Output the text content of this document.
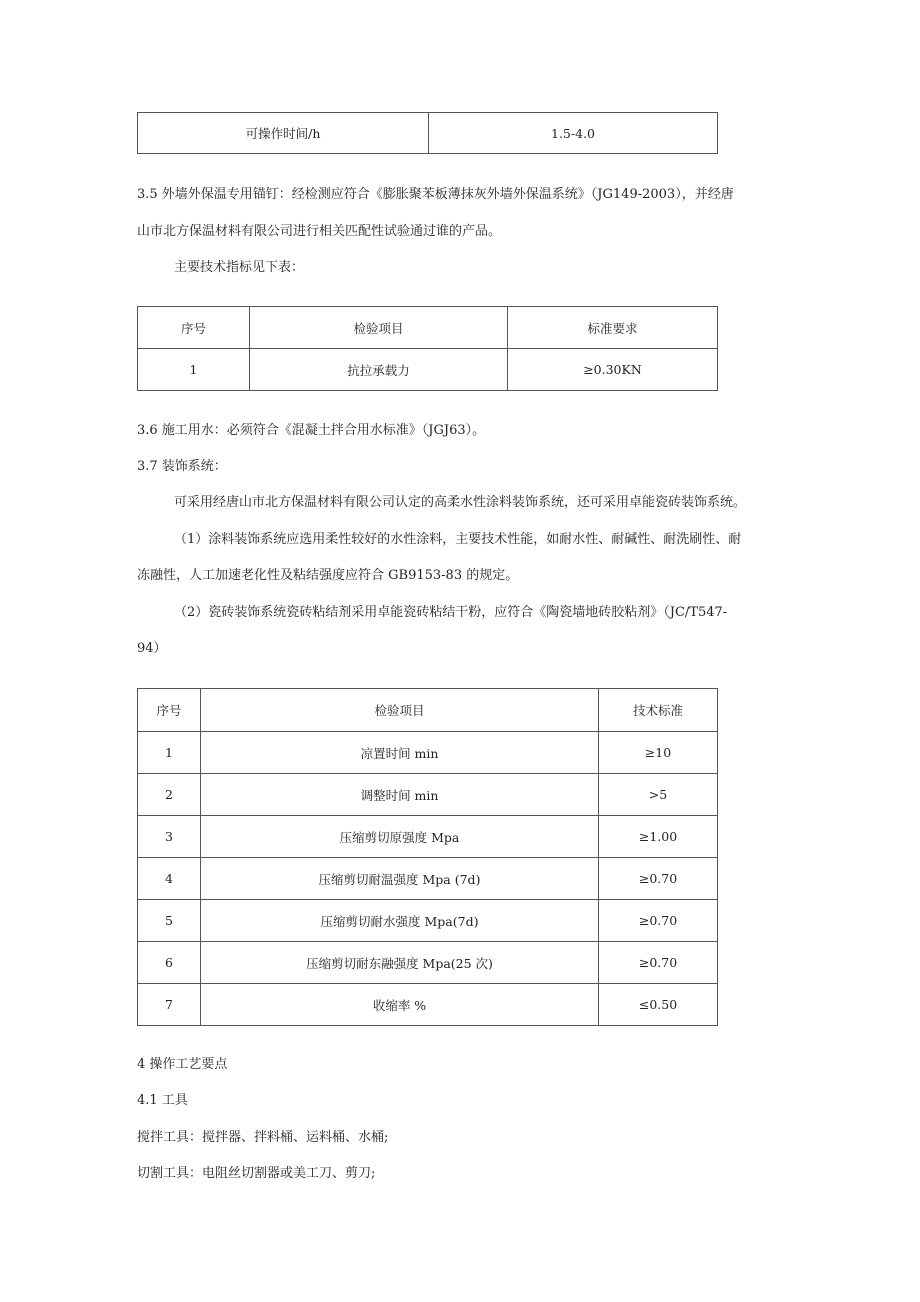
可操作时间/h	1.5-4.0
3.5 外墙外保温专用锚钉：经检测应符合《膨胀聚苯板薄抹灰外墙外保温系统》（JG149-2003），并经唐
山市北方保温材料有限公司进行相关匹配性试验通过谁的产品。
主要技术指标见下表：
序号	检验项目	标准要求
1	抗拉承载力	≥0.30KN
3.6 施工用水：必须符合《混凝土拌合用水标准》（JGJ63）。
3.7 装饰系统：
可采用经唐山市北方保温材料有限公司认定的高柔水性涂料装饰系统，还可采用卓能瓷砖装饰系统。
（1）涂料装饰系统应选用柔性较好的水性涂料，主要技术性能，如耐水性、耐碱性、耐洗刷性、耐
冻融性，人工加速老化性及粘结强度应符合 GB9153-83 的规定。
（2）瓷砖装饰系统瓷砖粘结剂采用卓能瓷砖粘结干粉，应符合《陶瓷墙地砖胶粘剂》（JC/T547-
94）
序号	检验项目	技术标准
1	凉置时间 min	≥10
2	调整时间 min	>5
3	压缩剪切原强度 Mpa	≥1.00
4	压缩剪切耐温强度 Mpa (7d)	≥0.70
5	压缩剪切耐水强度 Mpa(7d)	≥0.70
6	压缩剪切耐东融强度 Mpa(25 次)	≥0.70
7	收缩率 %	≤0.50
4 操作工艺要点
4.1 工具
搅拌工具：搅拌器、拌料桶、运料桶、水桶;
切割工具：电阻丝切割器或美工刀、剪刀;
